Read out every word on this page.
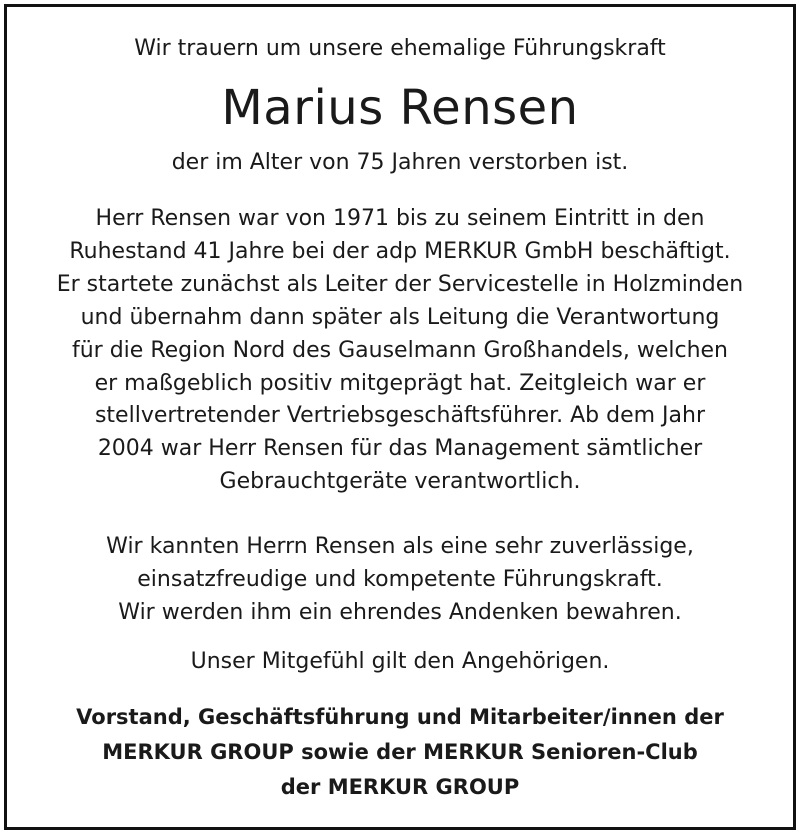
Wir trauern um unsere ehemalige Führungskraft
Marius Rensen
der im Alter von 75 Jahren verstorben ist.
Herr Rensen war von 1971 bis zu seinem Eintritt in den
Ruhestand 41 Jahre bei der adp MERKUR GmbH beschäftigt.
Er startete zunächst als Leiter der Servicestelle in Holzminden
und übernahm dann später als Leitung die Verantwortung
für die Region Nord des Gauselmann Großhandels, welchen
er maßgeblich positiv mitgeprägt hat. Zeitgleich war er
stellvertretender Vertriebsgeschäftsführer. Ab dem Jahr
2004 war Herr Rensen für das Management sämtlicher
Gebrauchtgeräte verantwortlich.
Wir kannten Herrn Rensen als eine sehr zuverlässige,
einsatzfreudige und kompetente Führungskraft.
Wir werden ihm ein ehrendes Andenken bewahren.
Unser Mitgefühl gilt den Angehörigen.
Vorstand, Geschäftsführung und Mitarbeiter/innen der
MERKUR GROUP sowie der MERKUR Senioren-Club
der MERKUR GROUP
